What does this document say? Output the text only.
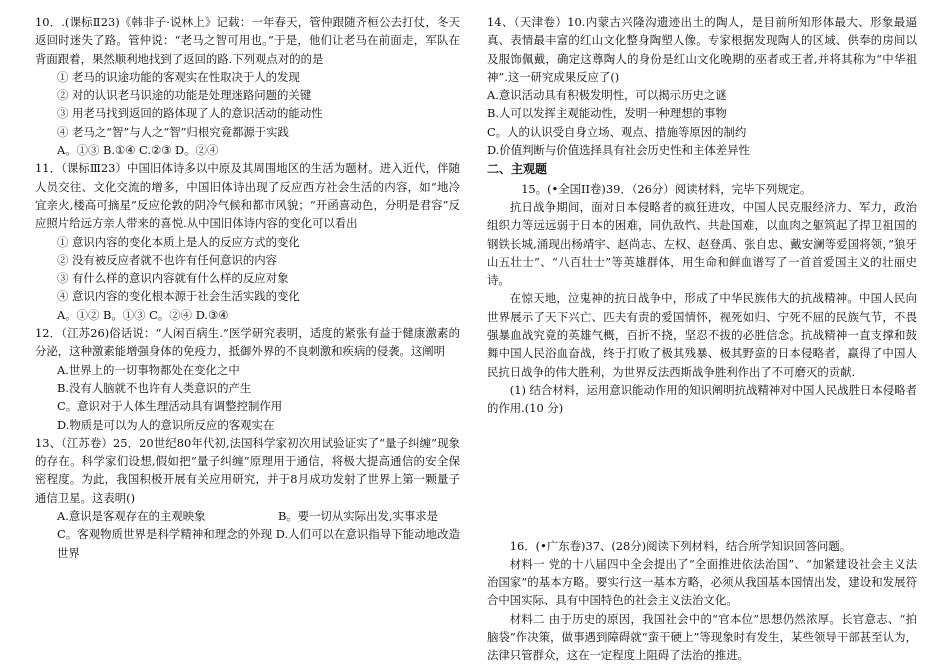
10．.(课标Ⅱ23)《韩非子·说林上》记载：一年春天，管仲跟随齐桓公去打仗，冬天返回时迷失了路。管仲说：“老马之智可用也。”于是，他们让老马在前面走，军队在背面跟着，果然顺利地找到了返回的路.下列观点对的的是

① 老马的识途功能的客观实在性取决于人的发现

② 对的认识老马识途的功能是处理迷路问题的关键

③ 用老马找到返回的路体现了人的意识活动的能动性

④ 老马之“智”与人之“智”归根究竟都源于实践

A。①③ B.①④ C.②③ D。②④

11．（课标Ⅲ23）中国旧体诗多以中原及其周围地区的生活为题材。进入近代，伴随人员交往、文化交流的增多，中国旧体诗出现了反应西方社会生活的内容，如“地冷宜亲火,楼高可摘星”反应伦敦的阴冷气候和都市风貌；“开函喜动色，分明是君容”反应照片给远方亲人带来的喜悦.从中国旧体诗内容的变化可以看出

① 意识内容的变化本质上是人的反应方式的变化

② 没有被反应者就不也许有任何意识的内容

③ 有什么样的意识内容就有什么样的反应对象

④ 意识内容的变化根本源于社会生活实践的变化

A。①② B。①③ C。②④ D.③④

12．（江苏26)俗话说：“人闲百病生.”医学研究表明，适度的紧张有益于健康激素的分泌，这种激素能增强身体的免疫力，抵御外界的不良刺激和疾病的侵袭。这阐明

A.世界上的一切事物都处在变化之中

B.没有人脑就不也许有人类意识的产生

C。意识对于人体生理活动具有调整控制作用

D.物质是可以为人的意识所反应的客观实在

13、（江苏卷）25．20世纪80年代初,法国科学家初次用试验证实了“量子纠缠”现象的存在。科学家们设想,假如把“量子纠缠”原理用于通信，将极大提高通信的安全保密程度。为此，我国积极开展有关应用研究，并于8月成功发射了世界上第一颗量子通信卫星。这表明()

A.意识是客观存在的主观映象	B。要一切从实际出发,实事求是

C。客观物质世界是科学精神和理念的外现 D.人们可以在意识指导下能动地改造世界

14、（天津卷）10.内蒙古兴隆沟遗迹出土的陶人，是目前所知形体最大、形象最逼真、表情最丰富的红山文化整身陶塑人像。专家根据发现陶人的区域、供奉的房间以及服饰佩戴，确定这尊陶人的身份是红山文化晚期的巫者或王者,并将其称为“中华祖神”.这一研究成果反应了()

A.意识活动具有积极发明性，可以揭示历史之谜

B.人可以发挥主观能动性，发明一种理想的事物

C。人的认识受自身立场、观点、措施等原因的制约

D.价值判断与价值选择具有社会历史性和主体差异性

二、主观题

15。(•全国II卷)39．（26分）阅读材料，完毕下列规定。

抗日战争期间，面对日本侵略者的疯狂进攻，中国人民克服经济力、军力，政治组织力等远远弱于日本的困难，同仇敌忾、共赴国难，以血肉之躯筑起了捍卫祖国的钢铁长城,涌现出杨靖宇、赵尚志、左权、赵登禹、张自忠、戴安澜等爱国将领，”狼牙山五壮士”、“八百壮士”等英雄群体，用生命和鲜血谱写了一首首爱国主义的壮丽史诗。

在惊天地，泣鬼神的抗日战争中，形成了中华民族伟大的抗战精神。中国人民向世界展示了天下兴亡、匹夫有责的爱国情怀，视死如归、宁死不屈的民族气节，不畏强暴血战究竟的英雄气概，百折不挠，坚忍不拔的必胜信念。抗战精神一直支撑和鼓舞中国人民浴血奋战，终于打败了极其残暴、极其野蛮的日本侵略者，赢得了中国人民抗日战争的伟大胜利，为世界反法西斯战争胜利作出了不可磨灭的贡献.

(1) 结合材料，运用意识能动作用的知识阐明抗战精神对中国人民战胜日本侵略者的作用.(10 分)

16．(•广东卷)37、(28分)阅读下列材料，结合所学知识回答问题。

材料一 党的十八届四中全会提出了“全面推进依法治国”、“加紧建设社会主义法治国家”的基本方略。要实行这一基本方略，必须从我国基本国情出发，建设和发展符合中国实际、具有中国特色的社会主义法治文化。

材料二 由于历史的原因，我国社会中的“官本位”思想仍然浓厚。长官意志、“拍脑袋”作决策，做事遇到障碍就“蛮干硬上”等现象时有发生，某些领导干部甚至认为，法律只管群众，这在一定程度上阻碍了法治的推进。
